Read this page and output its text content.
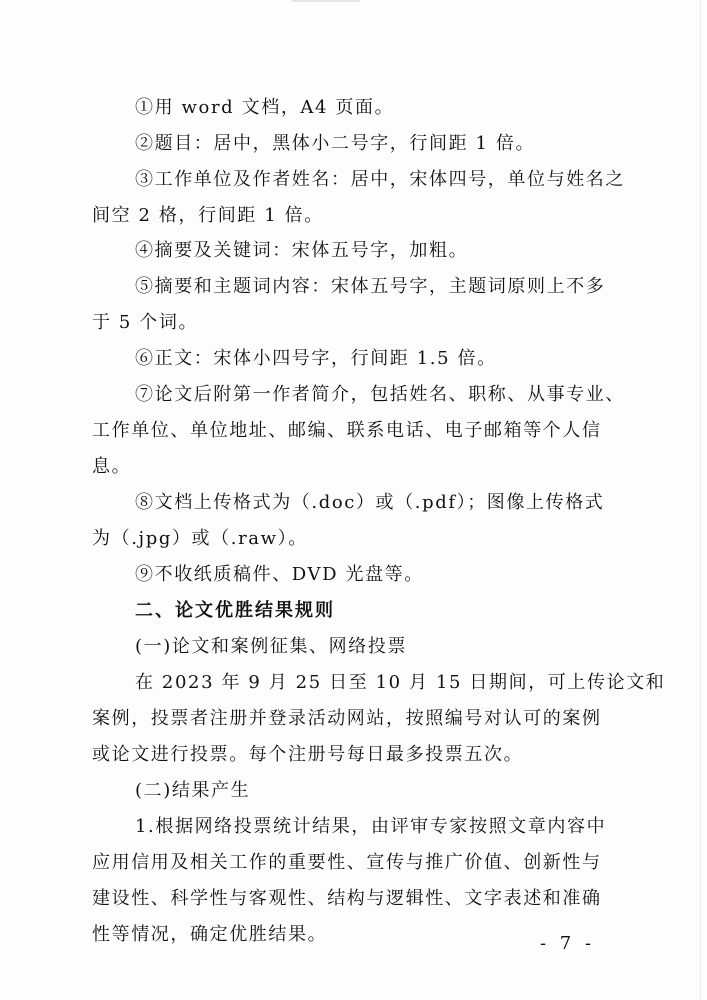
①用 word 文档，A4 页面。
②题目：居中，黑体小二号字，行间距 1 倍。
③工作单位及作者姓名：居中，宋体四号，单位与姓名之
间空 2 格，行间距 1 倍。
④摘要及关键词：宋体五号字，加粗。
⑤摘要和主题词内容：宋体五号字，主题词原则上不多
于 5 个词。
⑥正文：宋体小四号字，行间距 1.5 倍。
⑦论文后附第一作者简介，包括姓名、职称、从事专业、
工作单位、单位地址、邮编、联系电话、电子邮箱等个人信
息。
⑧文档上传格式为（.doc）或（.pdf）；图像上传格式
为（.jpg）或（.raw）。
⑨不收纸质稿件、DVD 光盘等。
二、论文优胜结果规则
(一)论文和案例征集、网络投票
在 2023 年 9 月 25 日至 10 月 15 日期间，可上传论文和
案例，投票者注册并登录活动网站，按照编号对认可的案例
或论文进行投票。每个注册号每日最多投票五次。
(二)结果产生
1.根据网络投票统计结果，由评审专家按照文章内容中
应用信用及相关工作的重要性、宣传与推广价值、创新性与
建设性、科学性与客观性、结构与逻辑性、文字表述和准确
性等情况，确定优胜结果。	- 7 -
